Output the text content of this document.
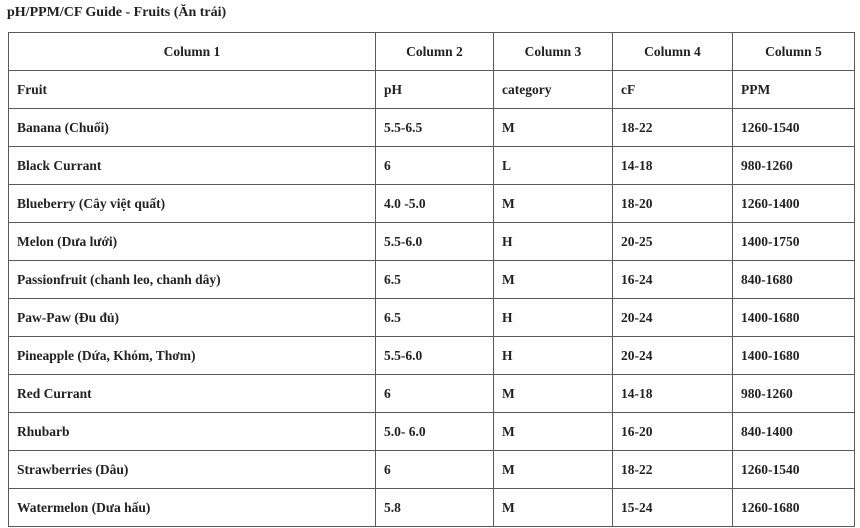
pH/PPM/CF Guide - Fruits (Ăn trái)
Column 1	Column 2	Column 3	Column 4	Column 5
Fruit	pH	category	cF	PPM
Banana (Chuối)	5.5-6.5	M	18-22	1260-1540
Black Currant	6	L	14-18	980-1260
Blueberry (Cây việt quất)	4.0 -5.0	M	18-20	1260-1400
Melon (Dưa lưới)	5.5-6.0	H	20-25	1400-1750
Passionfruit (chanh leo, chanh dây)	6.5	M	16-24	840-1680
Paw-Paw (Đu đủ)	6.5	H	20-24	1400-1680
Pineapple (Dứa, Khóm, Thơm)	5.5-6.0	H	20-24	1400-1680
Red Currant	6	M	14-18	980-1260
Rhubarb	5.0- 6.0	M	16-20	840-1400
Strawberries (Dâu)	6	M	18-22	1260-1540
Watermelon (Dưa hấu)	5.8	M	15-24	1260-1680
